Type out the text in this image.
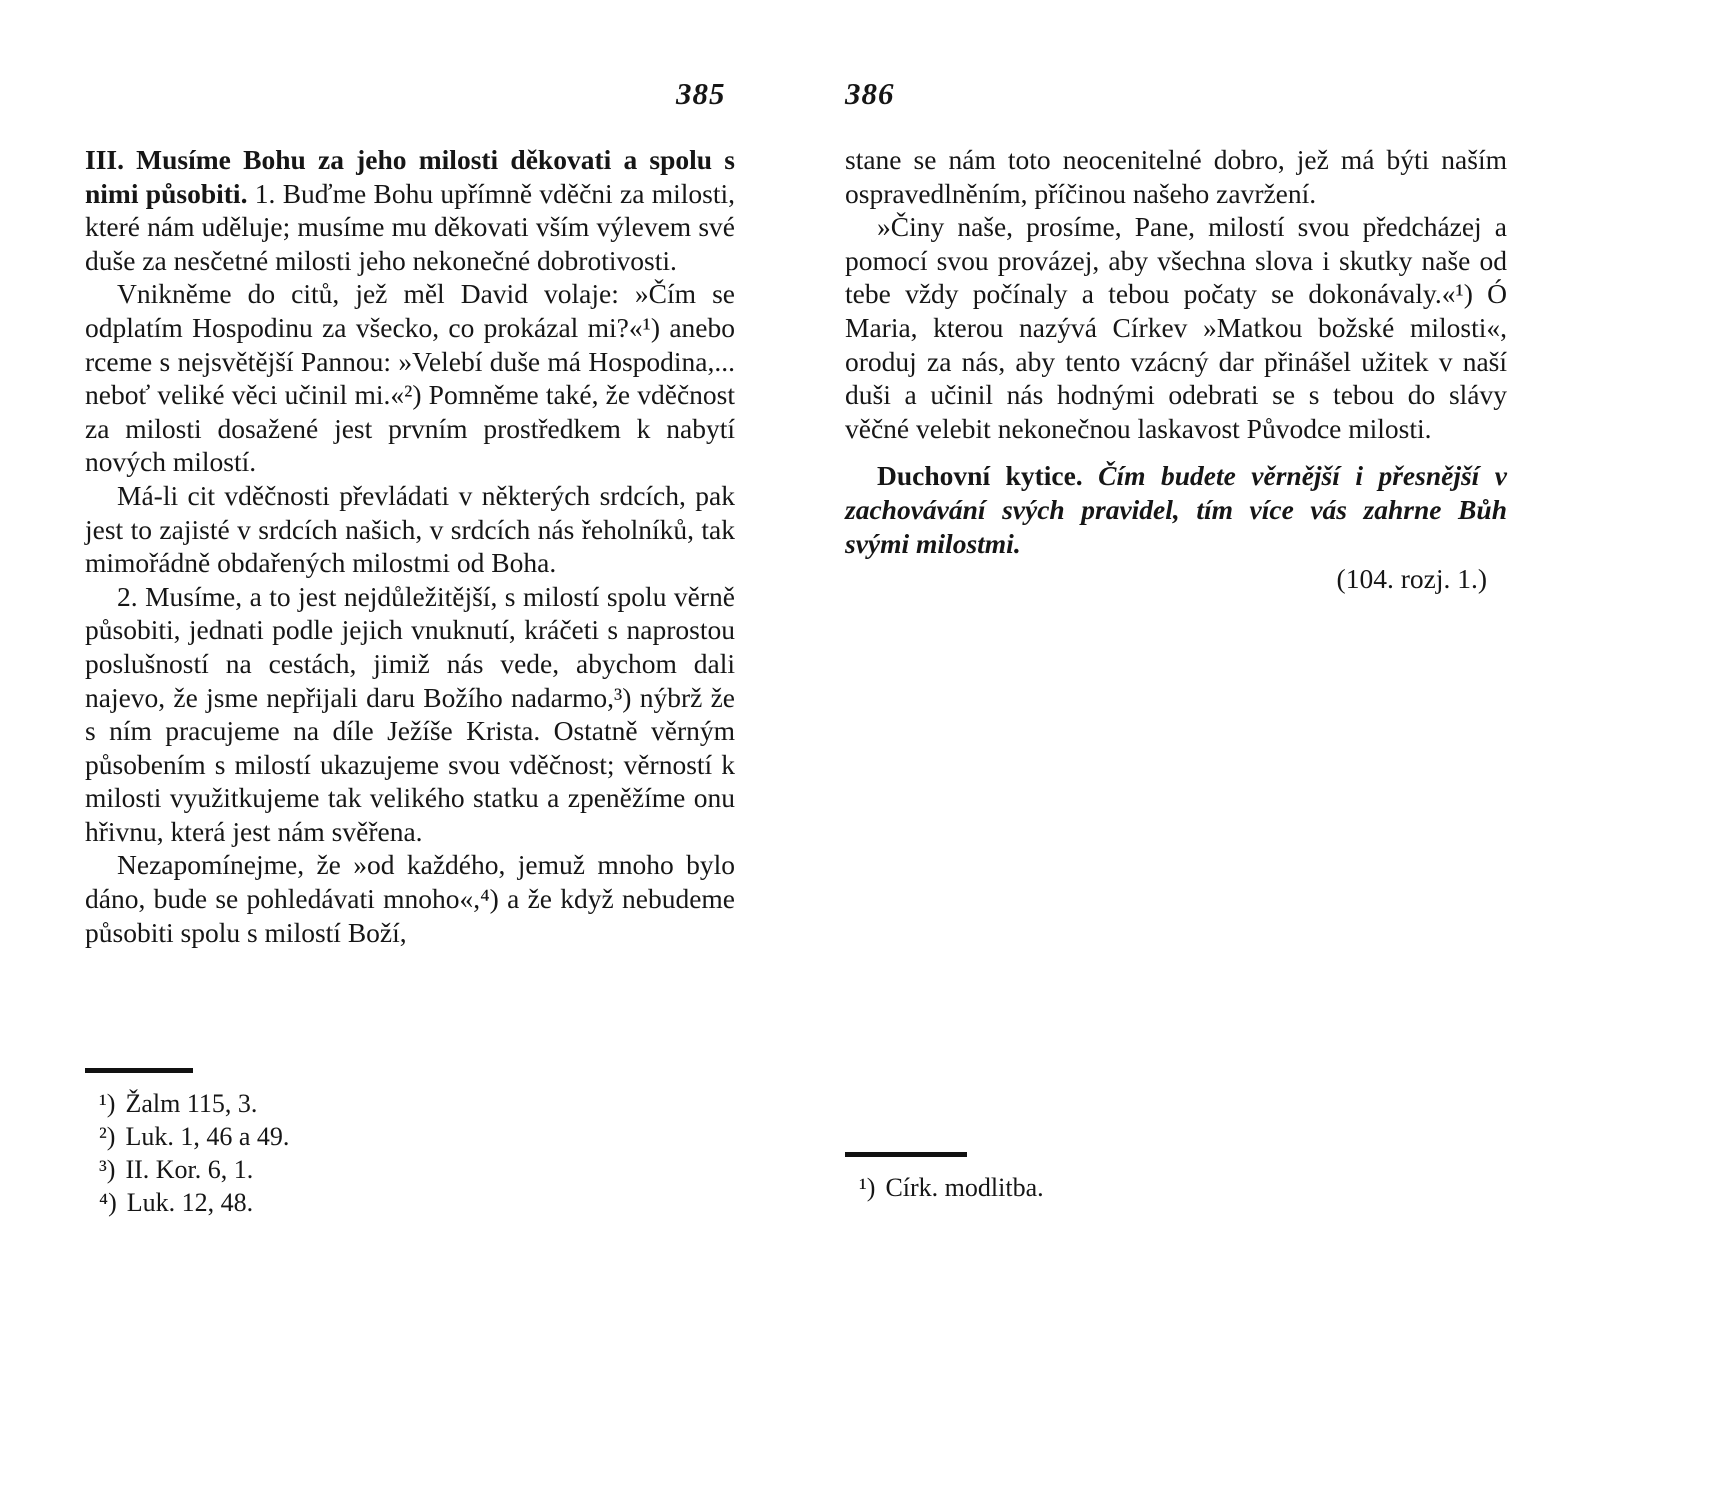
385	386

III. Musíme Bohu za jeho milosti děkovati a spolu s nimi působiti. 1. Buďme Bohu upřímně vděčni za milosti, které nám uděluje; musíme mu děkovati vším výlevem své duše za nesčetné milosti jeho nekonečné dobrotivosti.

Vnikněme do citů, jež měl David volaje: »Čím se odplatím Hospodinu za všecko, co prokázal mi?«¹) anebo rceme s nejsvětější Pannou: »Velebí duše má Hospodina,... neboť veliké věci učinil mi.«²) Pomněme také, že vděčnost za milosti dosažené jest prvním prostředkem k nabytí nových milostí.

Má-li cit vděčnosti převládati v některých srdcích, pak jest to zajisté v srdcích našich, v srdcích nás řeholníků, tak mimořádně obdařených milostmi od Boha.

2. Musíme, a to jest nejdůležitější, s milostí spolu věrně působiti, jednati podle jejich vnuknutí, kráčeti s naprostou poslušností na cestách, jimiž nás vede, abychom dali najevo, že jsme nepřijali daru Božího nadarmo,³) nýbrž že s ním pracujeme na díle Ježíše Krista. Ostatně věrným působením s milostí ukazujeme svou vděčnost; věrností k milosti využitkujeme tak velikého statku a zpeněžíme onu hřivnu, která jest nám svěřena.

Nezapomínejme, že »od každého, jemuž mnoho bylo dáno, bude se pohledávati mnoho«,⁴) a že když nebudeme působiti spolu s milostí Boží,

¹) Žalm 115, 3.
²) Luk. 1, 46 a 49.
³) II. Kor. 6, 1.
⁴) Luk. 12, 48.

stane se nám toto neocenitelné dobro, jež má býti naším ospravedlněním, příčinou našeho zavržení.

»Činy naše, prosíme, Pane, milostí svou předcházej a pomocí svou provázej, aby všechna slova i skutky naše od tebe vždy počínaly a tebou počaty se dokonávaly.«¹) Ó Maria, kterou nazývá Církev »Matkou božské milosti«, oroduj za nás, aby tento vzácný dar přinášel užitek v naší duši a učinil nás hodnými odebrati se s tebou do slávy věčné velebit nekonečnou laskavost Původce milosti.

Duchovní kytice. Čím budete věrnější i přesnější v zachovávání svých pravidel, tím více vás zahrne Bůh svými milostmi.

(104. rozj. 1.)

¹) Círk. modlitba.
